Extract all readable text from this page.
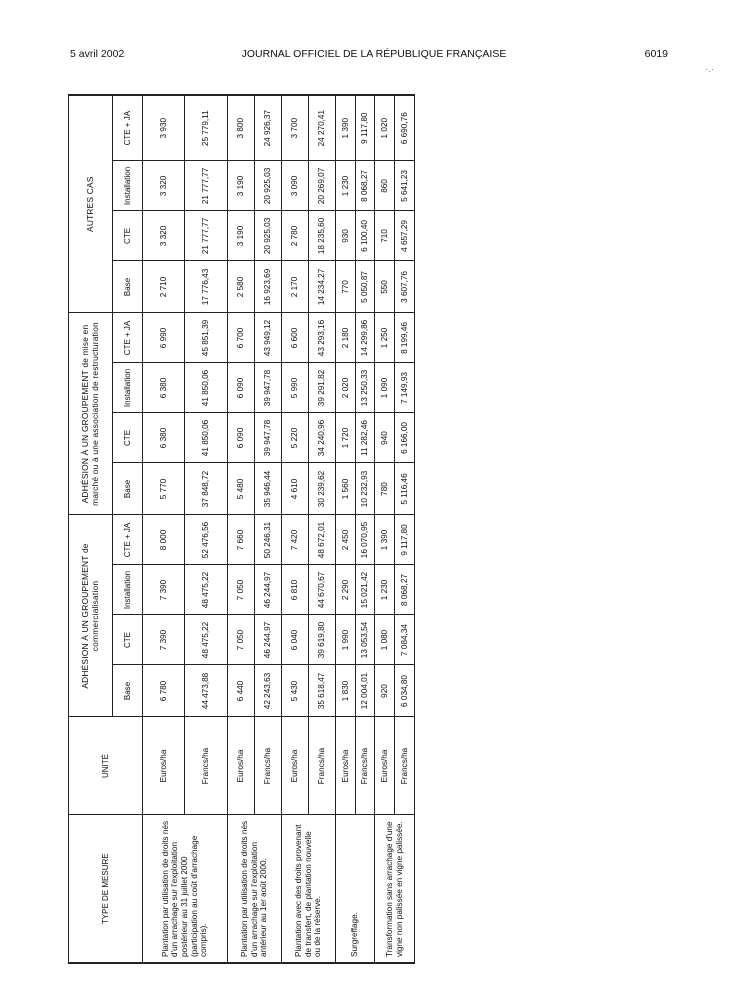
5 avril 2002	JOURNAL OFFICIEL DE LA RÉPUBLIQUE FRANÇAISE	6019
·.·
TYPE DE MESURE	UNITÉ	ADHÉSION À UN GROUPEMENT de commercialisation				ADHÉSION À UN GROUPEMENT de mise en marché ou à une association de restructuration				AUTRES CAS			
		Base	CTE	Installation	CTE + JA	Base	CTE	Installation	CTE + JA	Base	CTE	Installation	CTE + JA
Plantation par utilisation de droits nés d'un arrachage sur l'exploitation postérieur au 31 juillet 2000 (participation au coût d'arrachage compris).	Euros/ha	6 780	7 390	7 390	8 000	5 770	6 380	6 380	6 990	2 710	3 320	3 320	3 930
	Francs/ha	44 473,88	48 475,22	48 475,22	52 476,56	37 848,72	41 850,06	41 850,06	45 851,39	17 776,43	21 777,77	21 777,77	25 779,11
Plantation par utilisation de droits nés d'un arrachage sur l'exploitation antérieur au 1er août 2000.	Euros/ha	6 440	7 050	7 050	7 660	5 480	6 090	6 090	6 700	2 580	3 190	3 190	3 800
	Francs/ha	42 243,63	46 244,97	46 244,97	50 246,31	35 946,44	39 947,78	39 947,78	43 949,12	16 923,69	20 925,03	20 925,03	24 926,37
Plantation avec des droits provenant de transfert, de plantation nouvelle ou de la réserve.	Euros/ha	5 430	6 040	6 810	7 420	4 610	5 220	5 990	6 600	2 170	2 780	3 090	3 700
	Francs/ha	35 618,47	39 619,80	44 670,67	48 672,01	30 239,62	34 240,96	39 291,82	43 293,16	14 234,27	18 235,60	20 269,07	24 270,41
Surgreffage.	Euros/ha	1 830	1 990	2 290	2 450	1 560	1 720	2 020	2 180	770	930	1 230	1 390
	Francs/ha	12 004,01	13 053,54	15 021,42	16 070,95	10 232,93	11 282,46	13 250,33	14 299,86	5 050,87	6 100,40	8 068,27	9 117,80
Transformation sans arrachage d'une vigne non palissée en vigne palissée.	Euros/ha	920	1 080	1 230	1 390	780	940	1 090	1 250	550	710	860	1 020
	Francs/ha	6 034,80	7 084,34	8 068,27	9 117,80	5 116,46	6 166,00	7 149,93	8 199,46	3 607,76	4 657,29	5 641,23	6 690,76
